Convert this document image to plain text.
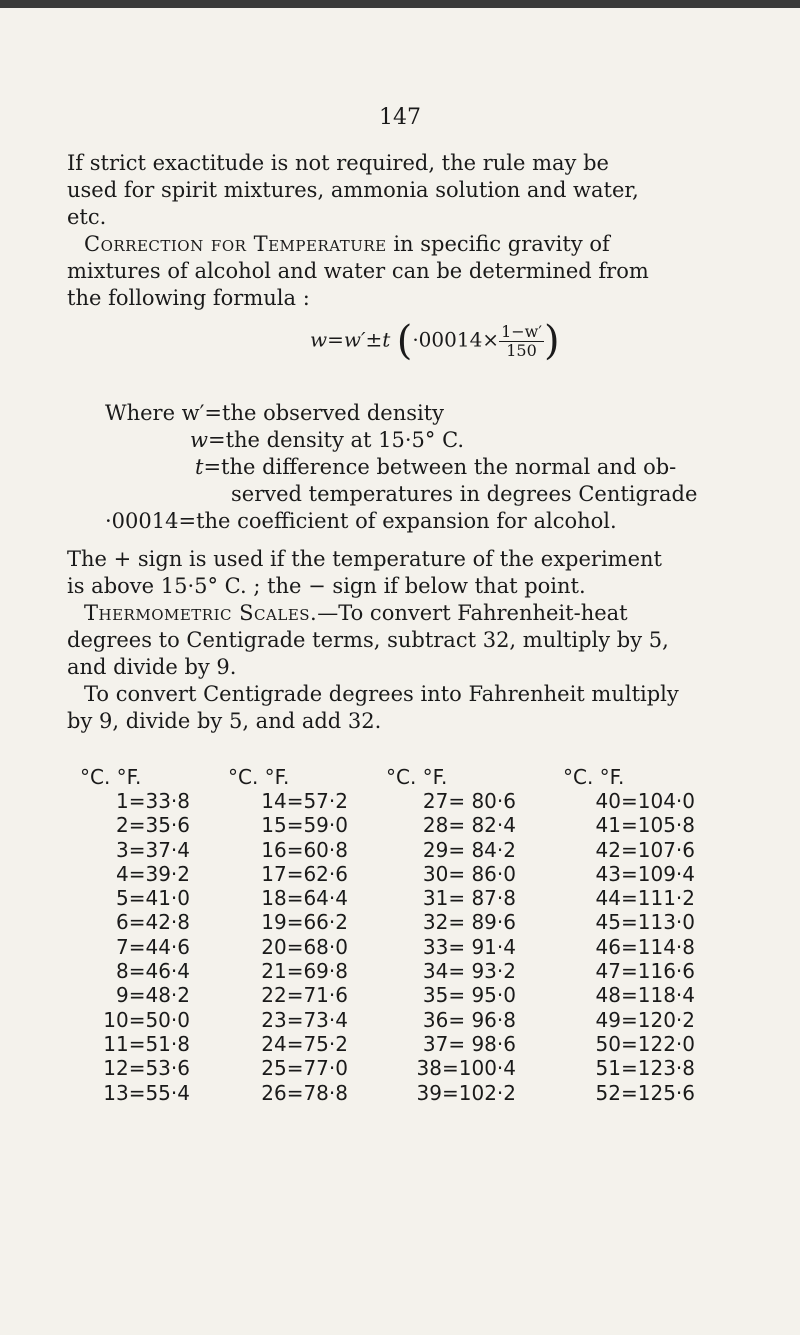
147
If strict exactitude is not required, the rule may be
used for spirit mixtures, ammonia solution and water,
etc.
Correction for Temperature in specific gravity of
mixtures of alcohol and water can be determined from
the following formula :
w=w′±t ($\cdot 00014\times \frac{1-w'}{150}$ )
Where w′=the observed density
w=the density at 15·5° C.
t=the difference between the normal and ob-
served temperatures in degrees Centigrade
·00014=the coefficient of expansion for alcohol.
The + sign is used if the temperature of the experiment
is above 15·5° C. ; the − sign if below that point.
Thermometric Scales.—To convert Fahrenheit-heat
degrees to Centigrade terms, subtract 32, multiply by 5,
and divide by 9.
To convert Centigrade degrees into Fahrenheit multiply
by 9, divide by 5, and add 32.
°C. °F.
1=33·8
2=35·6
3=37·4
4=39·2
5=41·0
6=42·8
7=44·6
8=46·4
9=48·2
10=50·0
11=51·8
12=53·6
13=55·4
°C. °F.
14=57·2
15=59·0
16=60·8
17=62·6
18=64·4
19=66·2
20=68·0
21=69·8
22=71·6
23=73·4
24=75·2
25=77·0
26=78·8
°C. °F.
27= 80·6
28= 82·4
29= 84·2
30= 86·0
31= 87·8
32= 89·6
33= 91·4
34= 93·2
35= 95·0
36= 96·8
37= 98·6
38=100·4
39=102·2
°C. °F.
40=104·0
41=105·8
42=107·6
43=109·4
44=111·2
45=113·0
46=114·8
47=116·6
48=118·4
49=120·2
50=122·0
51=123·8
52=125·6
